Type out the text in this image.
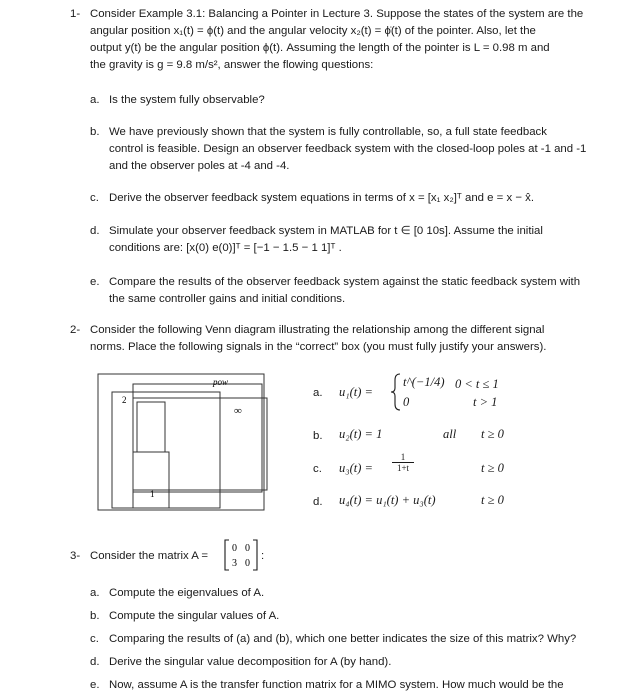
1- Consider Example 3.1: Balancing a Pointer in Lecture 3. Suppose the states of the system are the
angular position x₁(t) = ϕ(t) and the angular velocity x₂(t) = ϕ̇(t) of the pointer. Also, let the
output y(t) be the angular position ϕ(t). Assuming the length of the pointer is L = 0.98 m and
the gravity is g = 9.8 m/s², answer the flowing questions:
a. Is the system fully observable?
b. We have previously shown that the system is fully controllable, so, a full state feedback
control is feasible. Design an observer feedback system with the closed-loop poles at -1 and -1
and the observer poles at -4 and -4.
c. Derive the observer feedback system equations in terms of x = [x₁ x₂]ᵀ and e = x − x̂.
d. Simulate your observer feedback system in MATLAB for t ∈ [0 10s]. Assume the initial
conditions are: [x(0) e(0)]ᵀ = [−1 − 1.5 − 1 1]ᵀ .
e. Compare the results of the observer feedback system against the static feedback system with
the same controller gains and initial conditions.
2- Consider the following Venn diagram illustrating the relationship among the different signal
norms. Place the following signals in the “correct” box (you must fully justify your answers).
pow
2
∞
1
a. u₁(t) =
t^(−1/4)
0
0 < t ≤ 1
t > 1
b. u₂(t) = 1	all t ≥ 0
c. $u_3(t) = \frac{1}{1+t}$	t ≥ 0
d. u₄(t) = u₁(t) + u₃(t)	t ≥ 0
3- Consider the matrix A =
0 0
3 0
:
a. Compute the eigenvalues of A.
b. Compute the singular values of A.
c. Comparing the results of (a) and (b), which one better indicates the size of this matrix? Why?
d. Derive the singular value decomposition for A (by hand).
e. Now, assume A is the transfer function matrix for a MIMO system. How much would be the
